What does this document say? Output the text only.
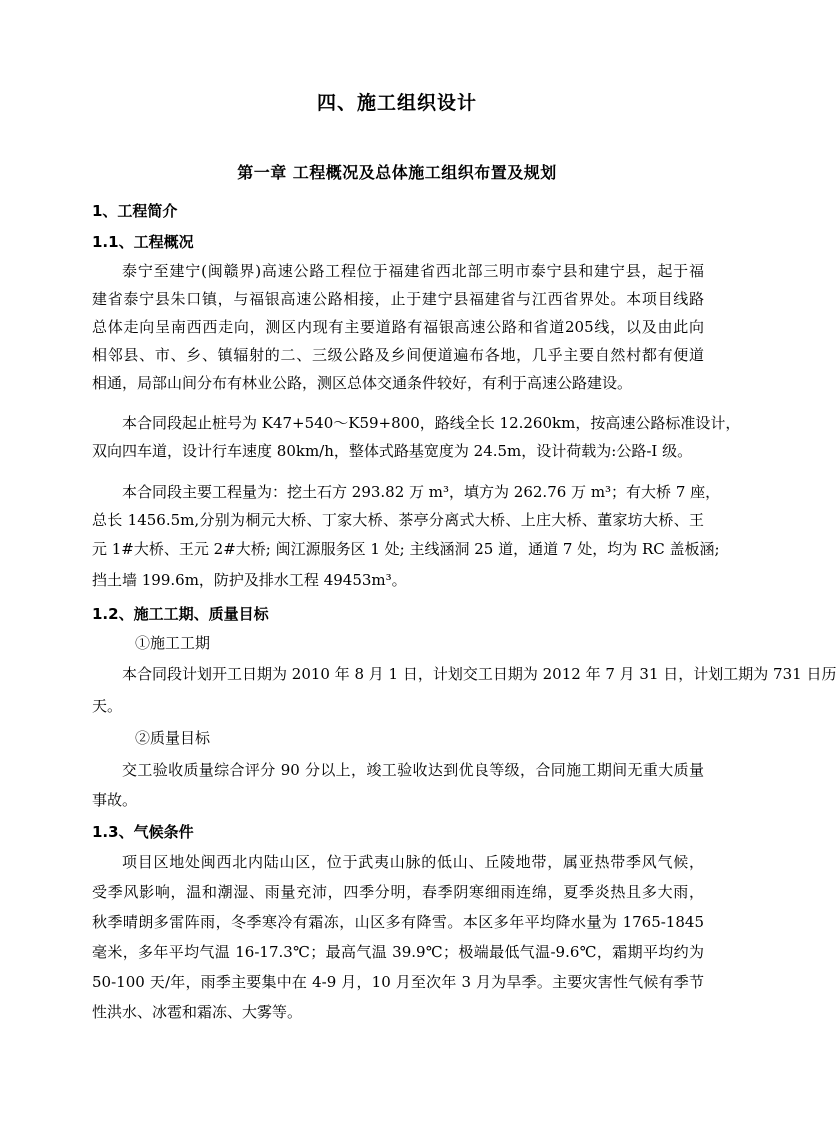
四、施工组织设计
第一章 工程概况及总体施工组织布置及规划
1、工程简介
1.1、工程概况
泰宁至建宁(闽赣界)高速公路工程位于福建省西北部三明市泰宁县和建宁县，起于福
建省泰宁县朱口镇，与福银高速公路相接，止于建宁县福建省与江西省界处。本项目线路
总体走向呈南西西走向，测区内现有主要道路有福银高速公路和省道205线，以及由此向
相邻县、市、乡、镇辐射的二、三级公路及乡间便道遍布各地，几乎主要自然村都有便道
相通，局部山间分布有林业公路，测区总体交通条件较好，有利于高速公路建设。
本合同段起止桩号为 K47+540～K59+800，路线全长 12.260km，按高速公路标准设计，
双向四车道，设计行车速度 80km/h，整体式路基宽度为 24.5m，设计荷载为:公路-I 级。
本合同段主要工程量为：挖土石方 293.82 万 m³，填方为 262.76 万 m³；有大桥 7 座，
总长 1456.5m,分别为桐元大桥、丁家大桥、茶亭分离式大桥、上庄大桥、董家坊大桥、王
元 1#大桥、王元 2#大桥; 闽江源服务区 1 处; 主线涵洞 25 道，通道 7 处，均为 RC 盖板涵;
挡土墙 199.6m，防护及排水工程 49453m³。
1.2、施工工期、质量目标
①施工工期
本合同段计划开工日期为 2010 年 8 月 1 日，计划交工日期为 2012 年 7 月 31 日，计划工期为 731 日历
天。
②质量目标
交工验收质量综合评分 90 分以上，竣工验收达到优良等级，合同施工期间无重大质量
事故。
1.3、气候条件
项目区地处闽西北内陆山区，位于武夷山脉的低山、丘陵地带，属亚热带季风气候，
受季风影响，温和潮湿、雨量充沛，四季分明，春季阴寒细雨连绵，夏季炎热且多大雨，
秋季晴朗多雷阵雨，冬季寒冷有霜冻，山区多有降雪。本区多年平均降水量为 1765-1845
毫米，多年平均气温 16-17.3℃；最高气温 39.9℃；极端最低气温-9.6℃，霜期平均约为
50-100 天/年，雨季主要集中在 4-9 月，10 月至次年 3 月为旱季。主要灾害性气候有季节
性洪水、冰雹和霜冻、大雾等。
